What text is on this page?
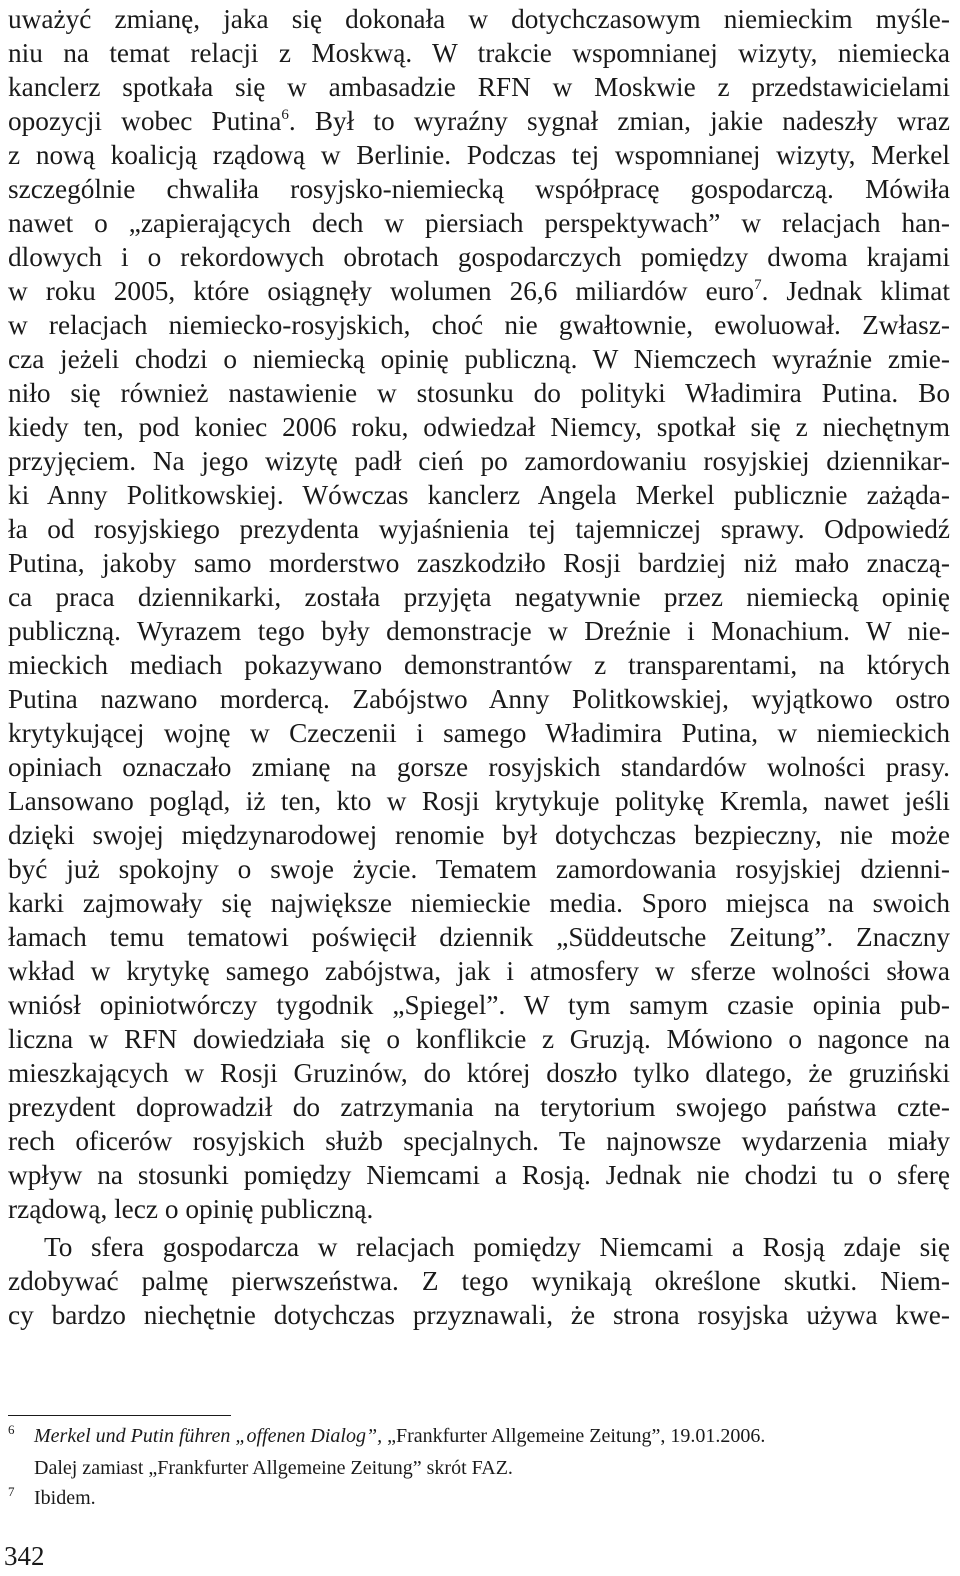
uważyć zmianę, jaka się dokonała w dotychczasowym niemieckim myśle-
niu na temat relacji z Moskwą. W trakcie wspomnianej wizyty, niemiecka
kanclerz spotkała się w ambasadzie RFN w Moskwie z przedstawicielami
opozycji wobec Putina$^6$. Był to wyraźny sygnał zmian, jakie nadeszły wraz
z nową koalicją rządową w Berlinie. Podczas tej wspomnianej wizyty, Merkel
szczególnie chwaliła rosyjsko-niemiecką współpracę gospodarczą. Mówiła
nawet o „zapierających dech w piersiach perspektywach” w relacjach han-
dlowych i o rekordowych obrotach gospodarczych pomiędzy dwoma krajami
w roku 2005, które osiągnęły wolumen 26,6 miliardów euro$^7$. Jednak klimat
w relacjach niemiecko-rosyjskich, choć nie gwałtownie, ewoluował. Zwłasz-
cza jeżeli chodzi o niemiecką opinię publiczną. W Niemczech wyraźnie zmie-
niło się również nastawienie w stosunku do polityki Władimira Putina. Bo
kiedy ten, pod koniec 2006 roku, odwiedzał Niemcy, spotkał się z niechętnym
przyjęciem. Na jego wizytę padł cień po zamordowaniu rosyjskiej dziennikar-
ki Anny Politkowskiej. Wówczas kanclerz Angela Merkel publicznie zażąda-
ła od rosyjskiego prezydenta wyjaśnienia tej tajemniczej sprawy. Odpowiedź
Putina, jakoby samo morderstwo zaszkodziło Rosji bardziej niż mało znaczą-
ca praca dziennikarki, została przyjęta negatywnie przez niemiecką opinię
publiczną. Wyrazem tego były demonstracje w Dreźnie i Monachium. W nie-
mieckich mediach pokazywano demonstrantów z transparentami, na których
Putina nazwano mordercą. Zabójstwo Anny Politkowskiej, wyjątkowo ostro
krytykującej wojnę w Czeczenii i samego Władimira Putina, w niemieckich
opiniach oznaczało zmianę na gorsze rosyjskich standardów wolności prasy.
Lansowano pogląd, iż ten, kto w Rosji krytykuje politykę Kremla, nawet jeśli
dzięki swojej międzynarodowej renomie był dotychczas bezpieczny, nie może
być już spokojny o swoje życie. Tematem zamordowania rosyjskiej dzienni-
karki zajmowały się największe niemieckie media. Sporo miejsca na swoich
łamach temu tematowi poświęcił dziennik „Süddeutsche Zeitung”. Znaczny
wkład w krytykę samego zabójstwa, jak i atmosfery w sferze wolności słowa
wniósł opiniotwórczy tygodnik „Spiegel”. W tym samym czasie opinia pub-
liczna w RFN dowiedziała się o konflikcie z Gruzją. Mówiono o nagonce na
mieszkających w Rosji Gruzinów, do której doszło tylko dlatego, że gruziński
prezydent doprowadził do zatrzymania na terytorium swojego państwa czte-
rech oficerów rosyjskich służb specjalnych. Te najnowsze wydarzenia miały
wpływ na stosunki pomiędzy Niemcami a Rosją. Jednak nie chodzi tu o sferę
rządową, lecz o opinię publiczną.
To sfera gospodarcza w relacjach pomiędzy Niemcami a Rosją zdaje się
zdobywać palmę pierwszeństwa. Z tego wynikają określone skutki. Niem-
cy bardzo niechętnie dotychczas przyznawali, że strona rosyjska używa kwe-
6 Merkel und Putin führen „offenen Dialog”, „Frankfurter Allgemeine Zeitung”, 19.01.2006.
Dalej zamiast „Frankfurter Allgemeine Zeitung” skrót FAZ.
7 Ibidem.
342
